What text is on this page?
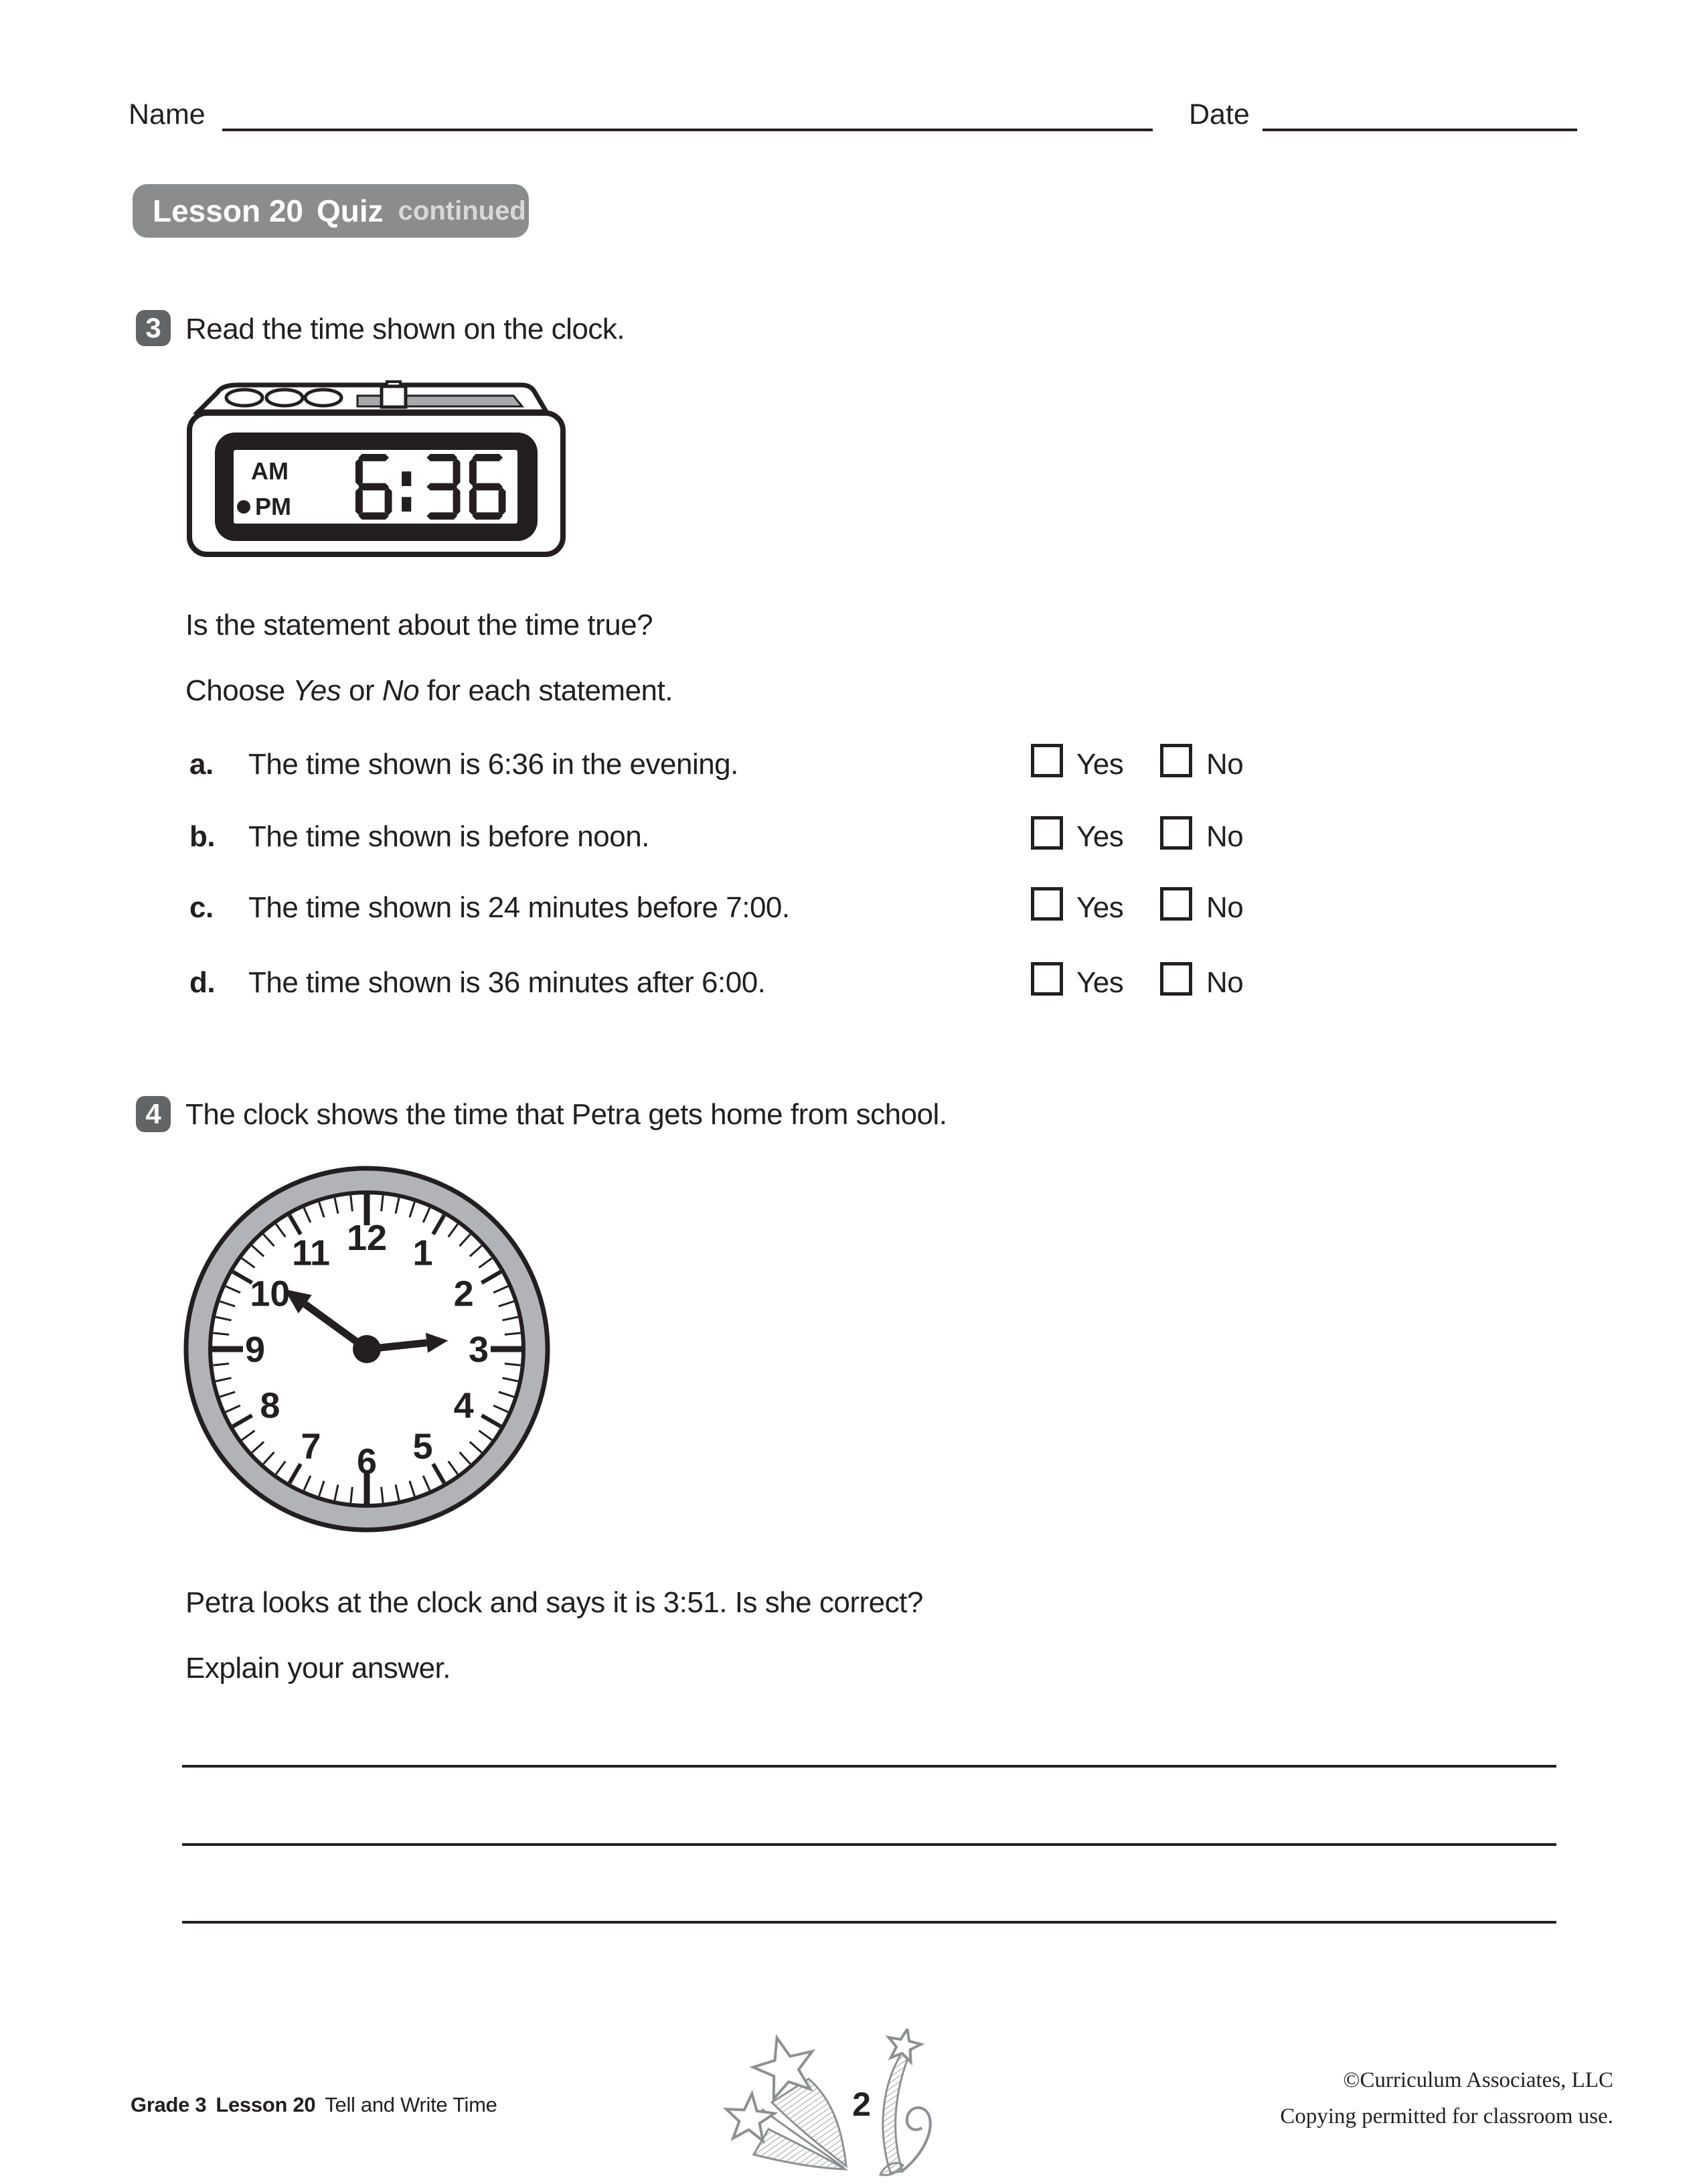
Name	Date
Lesson 20 Quiz continued
3 Read the time shown on the clock.
AM
PM
Is the statement about the time true?
Choose Yes or No for each statement.
a. The time shown is 6:36 in the evening.	Yes	No
b. The time shown is before noon.	Yes	No
c. The time shown is 24 minutes before 7:00.	Yes	No
d. The time shown is 36 minutes after 6:00.	Yes	No
4 The clock shows the time that Petra gets home from school.
12 1
2
3
4
5
6
7
8
9
10
11
Petra looks at the clock and says it is 3:51. Is she correct?
Explain your answer.
Grade 3 Lesson 20 Tell and Write Time	2
©Curriculum Associates, LLC
Copying permitted for classroom use.
